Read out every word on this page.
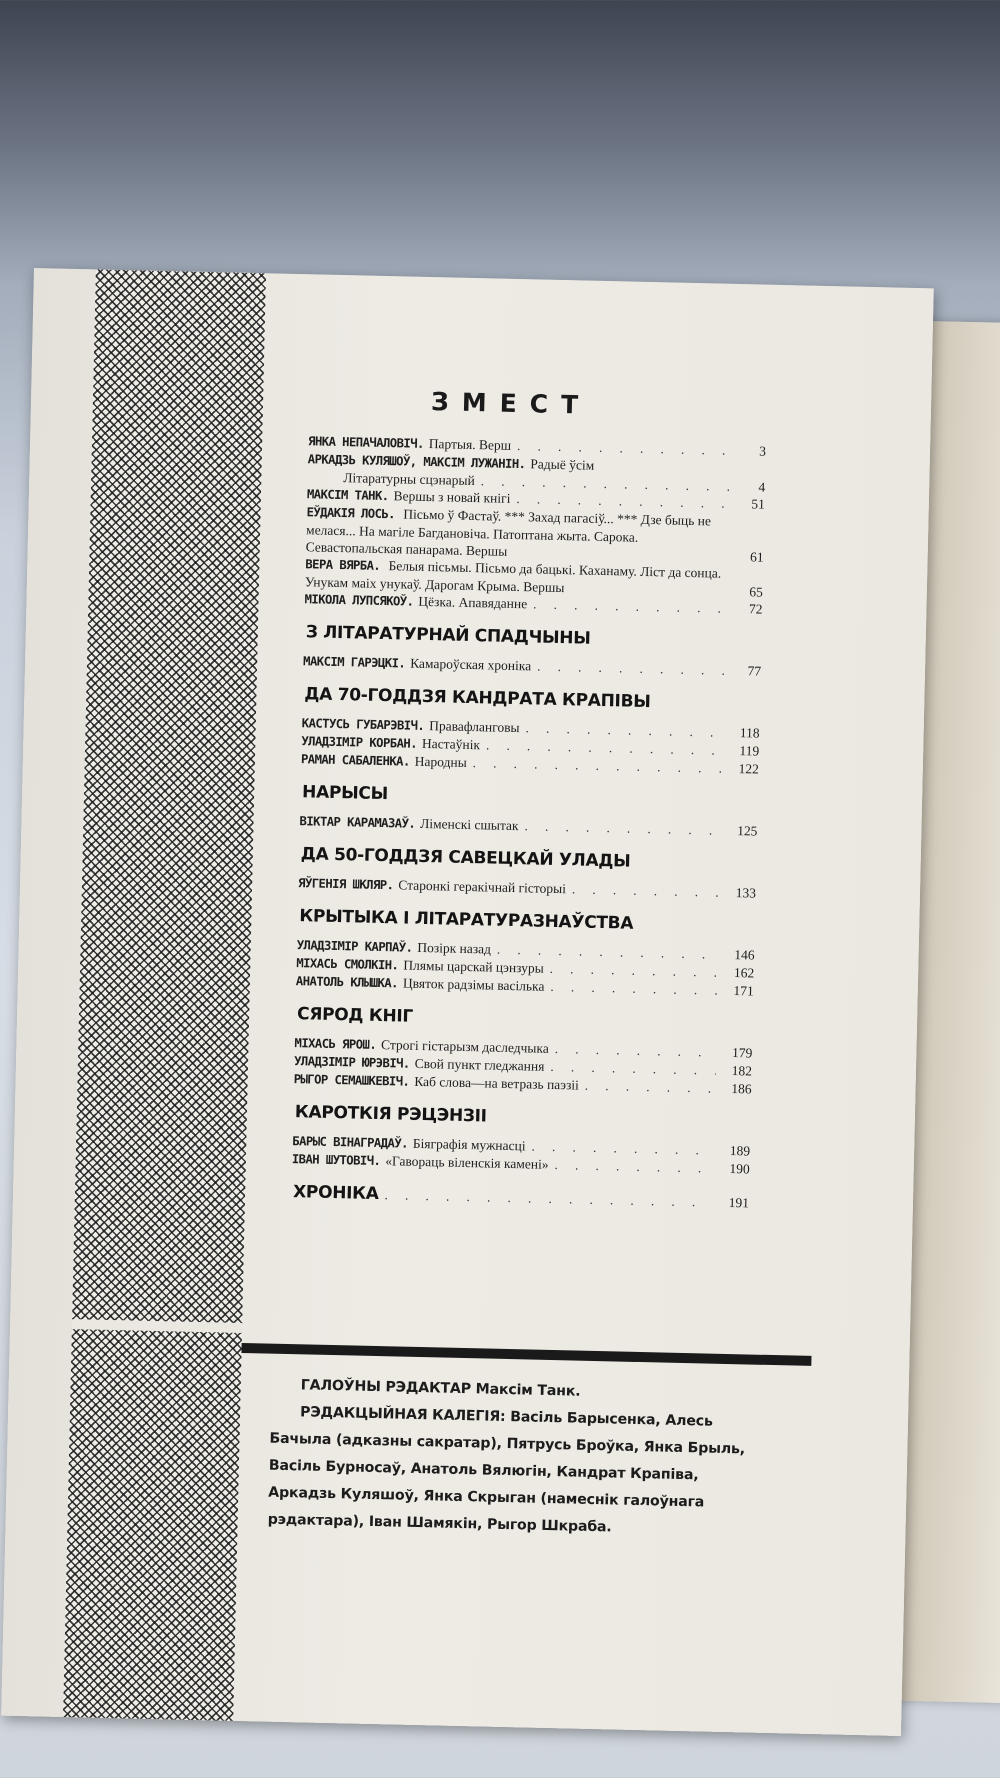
ЗМЕСТ
ЯНКА НЕПАЧАЛОВІЧ. Партыя. Верш . . .	3
АРКАДЗЬ КУЛЯШОЎ, МАКСІМ ЛУЖАНІН. Радыё ўсім
Літаратурны сцэнарый . . .	4
МАКСІМ ТАНК. Вершы з новай кнігі . . .	51
ЕЎДАКІЯ ЛОСЬ. Пісьмо ў Фастаў. *** Захад пагасіў... *** Дзе быць не мелася... На магіле Багдановіча. Патоптана жыта. Сарока. Севастопальская панарама. Вершы	61
ВЕРА ВЯРБА. Белыя пісьмы. Пісьмо да бацькі. Каханаму. Ліст да сонца. Унукам маіх унукаў. Дарогам Крыма. Вершы	65
МІКОЛА ЛУПСЯКОЎ. Цёзка. Апавяданне . . .	72
З ЛІТАРАТУРНАЙ СПАДЧЫНЫ
МАКСІМ ГАРЭЦКІ. Камароўская хроніка . . .	77
ДА 70-ГОДДЗЯ КАНДРАТА КРАПІВЫ
КАСТУСЬ ГУБАРЭВІЧ. Правафланговы . . .	118
УЛАДЗІМІР КОРБАН. Настаўнік . . .	119
РАМАН САБАЛЕНКА. Народны . . .	122
НАРЫСЫ
ВІКТАР КАРАМАЗАЎ. Ліменскі сшытак . . .	125
ДА 50-ГОДДЗЯ САВЕЦКАЙ УЛАДЫ
ЯЎГЕНІЯ ШКЛЯР. Старонкі геракічнай гісторыі . . .	133
КРЫТЫКА І ЛІТАРАТУРАЗНАЎСТВА
УЛАДЗІМІР КАРПАЎ. Позірк назад . . .	146
МІХАСЬ СМОЛКІН. Плямы царскай цэнзуры . . .	162
АНАТОЛЬ КЛЫШКА. Цвяток радзімы васілька . . .	171
СЯРОД КНІГ
МІХАСЬ ЯРОШ. Строгі гістарызм даследчыка . . .	179
УЛАДЗІМІР ЮРЭВІЧ. Свой пункт гледжання . . .	182
РЫГОР СЕМАШКЕВІЧ. Каб слова—на ветразь паэзіі . . .	186
КАРОТКІЯ РЭЦЭНЗІІ
БАРЫС ВІНАГРАДАЎ. Біяграфія мужнасці . . .	189
ІВАН ШУТОВІЧ. «Гавораць віленскія камені» . . .	190
ХРОНІКА . . .	191

ГАЛОЎНЫ РЭДАКТАР Максім Танк.

РЭДАКЦЫЙНАЯ КАЛЕГІЯ: Васіль Барысенка, Алесь Бачыла (адказны сакратар), Пятрусь Броўка, Янка Брыль, Васіль Бурносаў, Анатоль Вялюгін, Кандрат Крапіва, Аркадзь Куляшоў, Янка Скрыган (намеснік галоўнага рэдактара), Іван Шамякін, Рыгор Шкраба.
